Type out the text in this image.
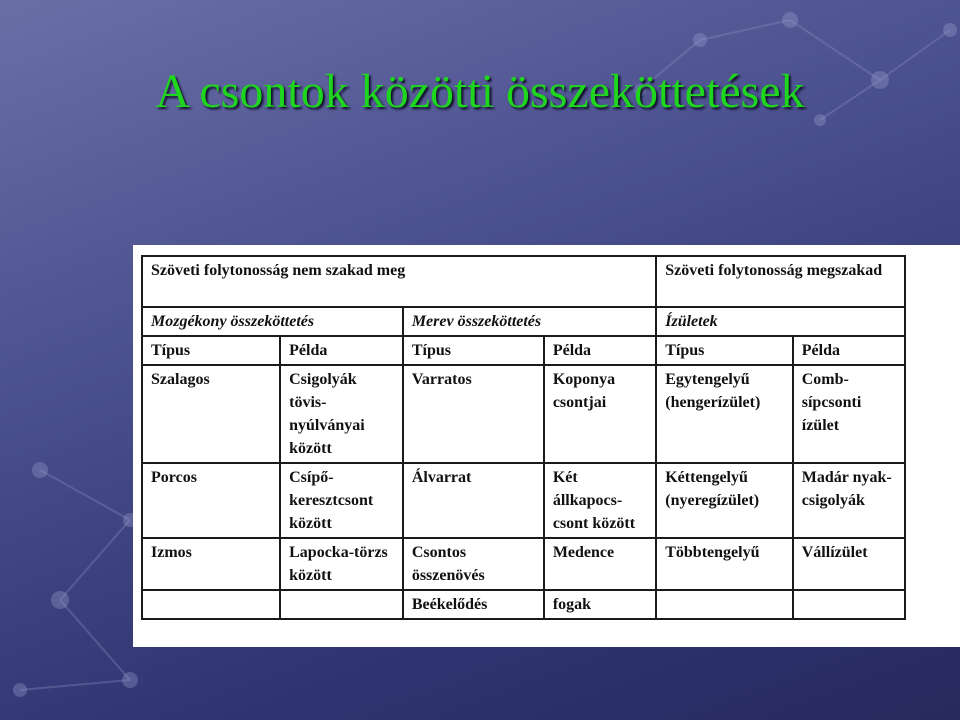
A csontok közötti összeköttetések
Szöveti folytonosság nem szakad meg				Szöveti folytonosság megszakad	
Mozgékony összeköttetés		Merev összeköttetés		Ízületek	
Típus	Példa	Típus	Példa	Típus	Példa
Szalagos	Csigolyák tövis-nyúlványai között	Varratos	Koponya csontjai	Egytengelyű (hengerízület)	Comb-sípcsonti ízület
Porcos	Csípő-keresztcsont között	Álvarrat	Két állkapocs-csont között	Kéttengelyű (nyeregízület)	Madár nyak-csigolyák
Izmos	Lapocka-törzs között	Csontos összenövés	Medence	Többtengelyű	Vállízület
		Beékelődés	fogak		
